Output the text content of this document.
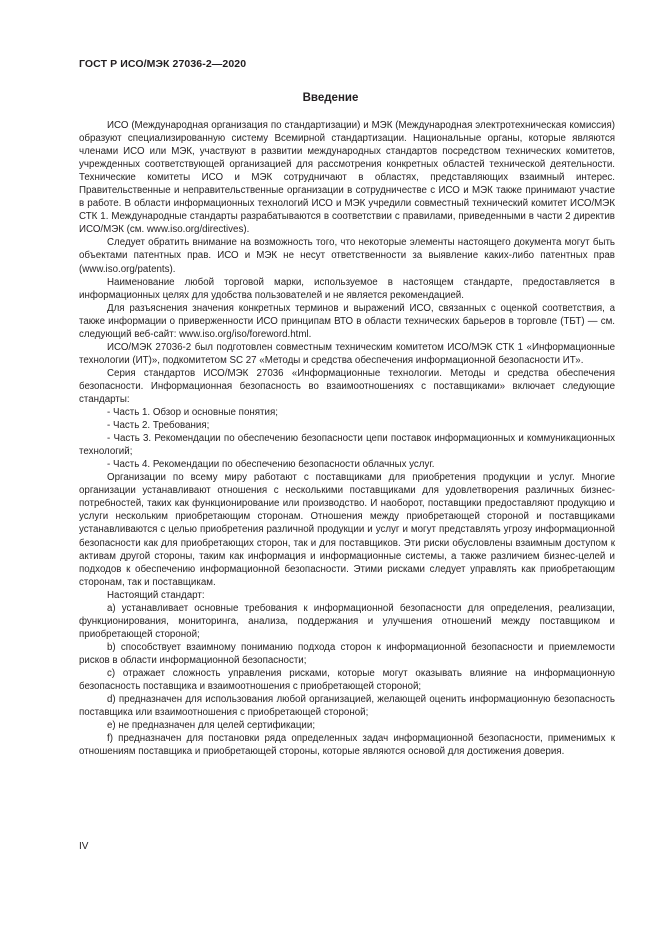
ГОСТ Р ИСО/МЭК 27036-2—2020
Введение

ИСО (Международная организация по стандартизации) и МЭК (Международная электротехническая комиссия) образуют специализированную систему Всемирной стандартизации. Национальные органы, которые являются членами ИСО или МЭК, участвуют в развитии международных стандартов посредством технических комитетов, учрежденных соответствующей организацией для рассмотрения конкретных областей технической деятельности. Технические комитеты ИСО и МЭК сотрудничают в областях, представляющих взаимный интерес. Правительственные и неправительственные организации в сотрудничестве с ИСО и МЭК также принимают участие в работе. В области информационных технологий ИСО и МЭК учредили совместный технический комитет ИСО/МЭК СТК 1. Международные стандарты разрабатываются в соответствии с правилами, приведенными в части 2 директив ИСО/МЭК (см. www.iso.org/directives).

Следует обратить внимание на возможность того, что некоторые элементы настоящего документа могут быть объектами патентных прав. ИСО и МЭК не несут ответственности за выявление каких-либо патентных прав (www.iso.org/patents).

Наименование любой торговой марки, используемое в настоящем стандарте, предоставляется в информационных целях для удобства пользователей и не является рекомендацией.

Для разъяснения значения конкретных терминов и выражений ИСО, связанных с оценкой соответствия, а также информации о приверженности ИСО принципам ВТО в области технических барьеров в торговле (ТБТ) — см. следующий веб-сайт: www.iso.org/iso/foreword.html.

ИСО/МЭК 27036-2 был подготовлен совместным техническим комитетом ИСО/МЭК СТК 1 «Информационные технологии (ИТ)», подкомитетом SC 27 «Методы и средства обеспечения информационной безопасности ИТ».

Серия стандартов ИСО/МЭК 27036 «Информационные технологии. Методы и средства обеспечения безопасности. Информационная безопасность во взаимоотношениях с поставщиками» включает следующие стандарты:

- Часть 1. Обзор и основные понятия;

- Часть 2. Требования;

- Часть 3. Рекомендации по обеспечению безопасности цепи поставок информационных и коммуникационных технологий;

- Часть 4. Рекомендации по обеспечению безопасности облачных услуг.

Организации по всему миру работают с поставщиками для приобретения продукции и услуг. Многие организации устанавливают отношения с несколькими поставщиками для удовлетворения различных бизнес-потребностей, таких как функционирование или производство. И наоборот, поставщики предоставляют продукцию и услуги нескольким приобретающим сторонам. Отношения между приобретающей стороной и поставщиками устанавливаются с целью приобретения различной продукции и услуг и могут представлять угрозу информационной безопасности как для приобретающих сторон, так и для поставщиков. Эти риски обусловлены взаимным доступом к активам другой стороны, таким как информация и информационные системы, а также различием бизнес-целей и подходов к обеспечению информационной безопасности. Этими рисками следует управлять как приобретающим сторонам, так и поставщикам.

Настоящий стандарт:

a) устанавливает основные требования к информационной безопасности для определения, реализации, функционирования, мониторинга, анализа, поддержания и улучшения отношений между поставщиком и приобретающей стороной;

b) способствует взаимному пониманию подхода сторон к информационной безопасности и приемлемости рисков в области информационной безопасности;

c) отражает сложность управления рисками, которые могут оказывать влияние на информационную безопасность поставщика и взаимоотношения с приобретающей стороной;

d) предназначен для использования любой организацией, желающей оценить информационную безопасность поставщика или взаимоотношения с приобретающей стороной;

e) не предназначен для целей сертификации;

f) предназначен для постановки ряда определенных задач информационной безопасности, применимых к отношениям поставщика и приобретающей стороны, которые являются основой для достижения доверия.

IV
